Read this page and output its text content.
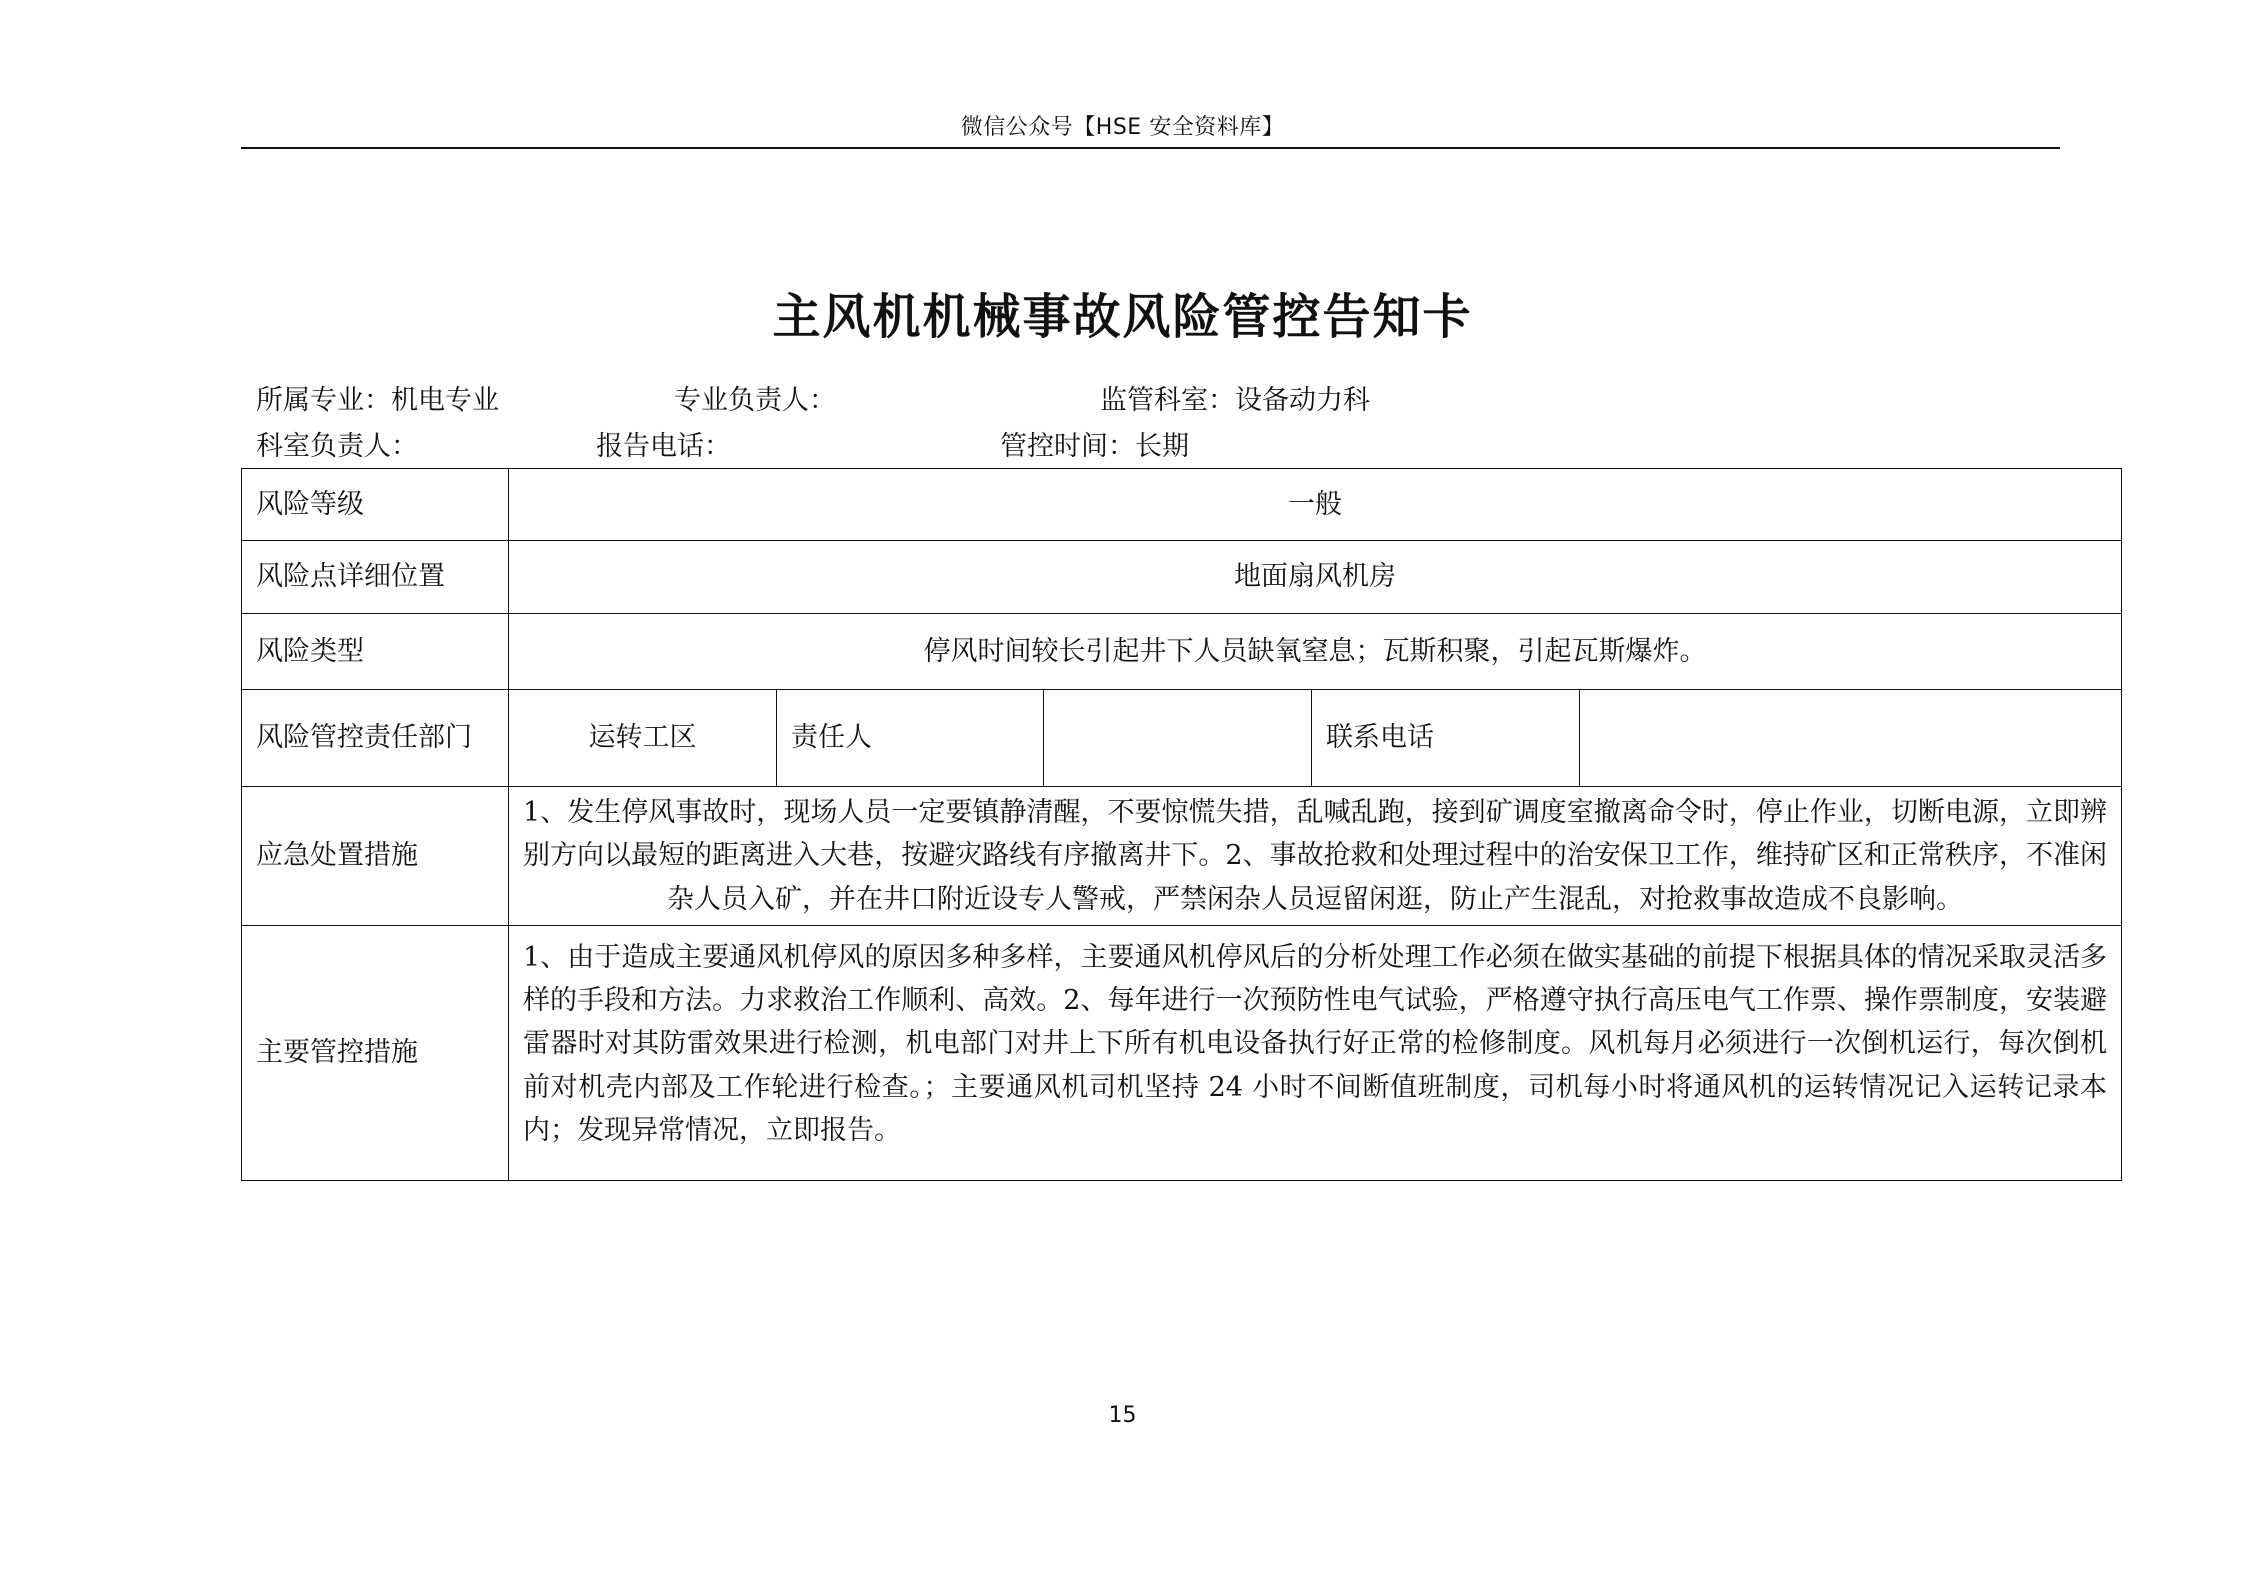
微信公众号【HSE 安全资料库】
主风机机械事故风险管控告知卡
所属专业：机电专业	专业负责人：	监管科室：设备动力科
科室负责人：	报告电话：	管控时间：长期
风险等级	一般				
风险点详细位置	地面扇风机房				
风险类型	停风时间较长引起井下人员缺氧窒息；瓦斯积聚，引起瓦斯爆炸。				
风险管控责任部门	运转工区	责任人		联系电话	
应急处置措施	1、发生停风事故时，现场人员一定要镇静清醒，不要惊慌失措，乱喊乱跑，接到矿调度室撤离命令时，停止作业，切断电源，立即辨别方向以最短的距离进入大巷，按避灾路线有序撤离井下。2、事故抢救和处理过程中的治安保卫工作，维持矿区和正常秩序，不准闲杂人员入矿，并在井口附近设专人警戒，严禁闲杂人员逗留闲逛，防止产生混乱，对抢救事故造成不良影响。				
主要管控措施	1、由于造成主要通风机停风的原因多种多样，主要通风机停风后的分析处理工作必须在做实基础的前提下根据具体的情况采取灵活多样的手段和方法。力求救治工作顺利、高效。2、每年进行一次预防性电气试验，严格遵守执行高压电气工作票、操作票制度，安装避雷器时对其防雷效果进行检测，机电部门对井上下所有机电设备执行好正常的检修制度。风机每月必须进行一次倒机运行，每次倒机前对机壳内部及工作轮进行检查。；主要通风机司机坚持 24 小时不间断值班制度，司机每小时将通风机的运转情况记入运转记录本内；发现异常情况，立即报告。				
15
